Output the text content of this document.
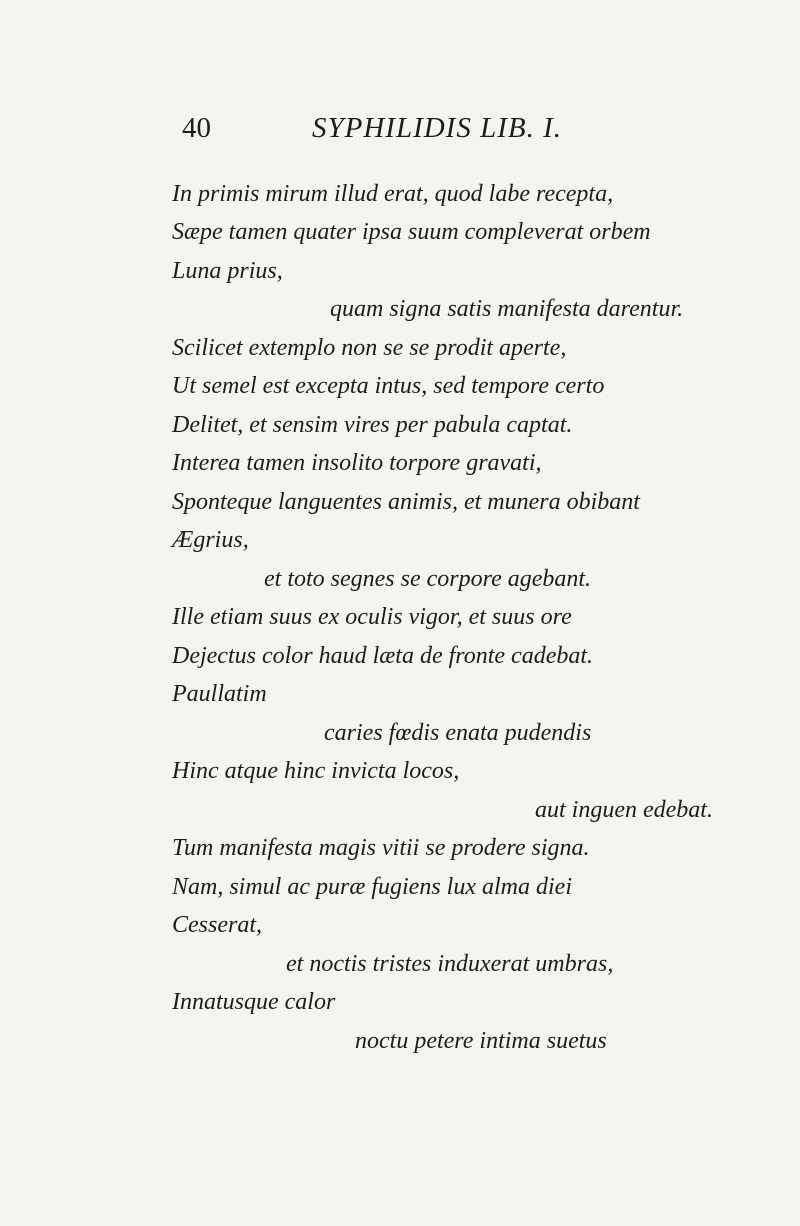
40	SYPHILIDIS LIB. I.
In primis mirum illud erat, quod labe recepta,
Sæpe tamen quater ipsa suum compleverat orbem
Luna prius,
quam signa satis manifesta darentur.
Scilicet extemplo non se se prodit aperte,
Ut semel est excepta intus, sed tempore certo
Delitet, et sensim vires per pabula captat.
Interea tamen insolito torpore gravati,
Sponteque languentes animis, et munera obibant
Ægrius,
et toto segnes se corpore agebant.
Ille etiam suus ex oculis vigor, et suus ore
Dejectus color haud læta de fronte cadebat.
Paullatim
caries fœdis enata pudendis
Hinc atque hinc invicta locos,
aut inguen edebat.
Tum manifesta magis vitii se prodere signa.
Nam, simul ac puræ fugiens lux alma diei
Cesserat,
et noctis tristes induxerat umbras,
Innatusque calor
noctu petere intima suetus
